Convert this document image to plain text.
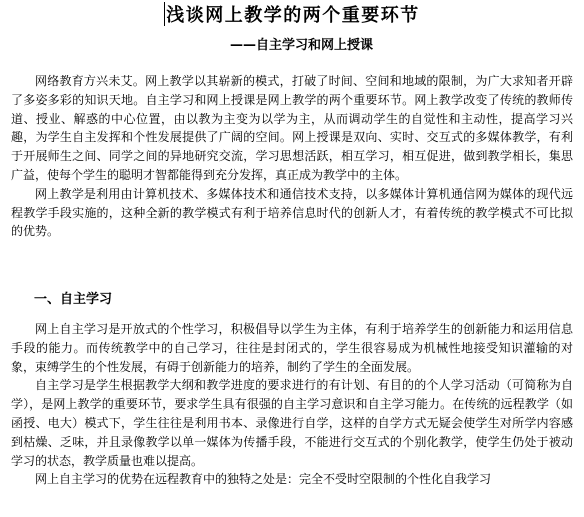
浅谈网上教学的两个重要环节
——自主学习和网上授课

网络教育方兴未艾。网上教学以其崭新的模式，打破了时间、空间和地域的限制，为广大求知者开辟了多姿多彩的知识天地。自主学习和网上授课是网上教学的两个重要环节。网上教学改变了传统的教师传道、授业、解惑的中心位置，由以教为主变为以学为主，从而调动学生的自觉性和主动性，提高学习兴趣，为学生自主发挥和个性发展提供了广阔的空间。网上授课是双向、实时、交互式的多媒体教学，有利于开展师生之间、同学之间的异地研究交流，学习思想活跃，相互学习，相互促进，做到教学相长，集思广益，使每个学生的聪明才智都能得到充分发挥，真正成为教学中的主体。

网上教学是利用由计算机技术、多媒体技术和通信技术支持，以多媒体计算机通信网为媒体的现代远程教学手段实施的，这种全新的教学模式有利于培养信息时代的创新人才，有着传统的教学模式不可比拟的优势。

一、自主学习

网上自主学习是开放式的个性学习，积极倡导以学生为主体，有利于培养学生的创新能力和运用信息手段的能力。而传统教学中的自己学习，往往是封闭式的，学生很容易成为机械性地接受知识灌输的对象，束缚学生的个性发展，有碍于创新能力的培养，制约了学生的全面发展。

自主学习是学生根据教学大纲和教学进度的要求进行的有计划、有目的的个人学习活动（可简称为自学），是网上教学的重要环节，要求学生具有很强的自主学习意识和自主学习能力。在传统的远程教学（如函授、电大）模式下，学生往往是利用书本、录像进行自学，这样的自学方式无疑会使学生对所学内容感到枯燥、乏味，并且录像教学以单一媒体为传播手段，不能进行交互式的个别化教学，使学生仍处于被动学习的状态，教学质量也难以提高。

网上自主学习的优势在远程教育中的独特之处是：完全不受时空限制的个性化自我学习
